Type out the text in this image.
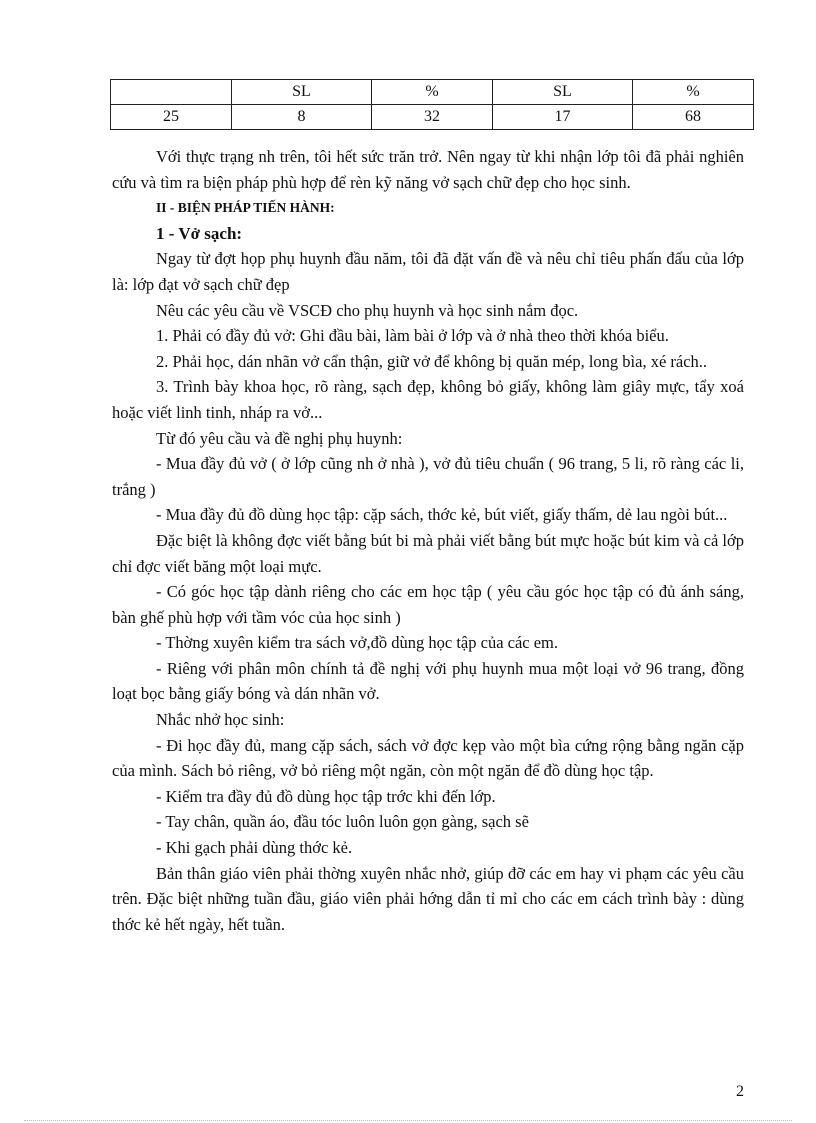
	SL	%	SL	%
25	8	32	17	68

Với thực trạng nh trên, tôi hết sức trăn trở. Nên ngay từ khi nhận lớp tôi đã phải nghiên cứu và tìm ra biện pháp phù hợp để rèn kỹ năng vở sạch chữ đẹp cho học sinh.

II - BIỆN PHÁP TIẾN HÀNH:

1 - Vở sạch:

Ngay từ đợt họp phụ huynh đầu năm, tôi đã đặt vấn đề và nêu chỉ tiêu phấn đấu của lớp là: lớp đạt vở sạch chữ đẹp

Nêu các yêu cầu về VSCĐ cho phụ huynh và học sinh nắm đọc.

1. Phải có đầy đủ vở: Ghi đầu bài, làm bài ở lớp và ở nhà theo thời khóa biểu.

2. Phải học, dán nhãn vở cẩn thận, giữ vở để không bị quăn mép, long bìa, xé rách..

3. Trình bày khoa học, rõ ràng, sạch đẹp, không bỏ giấy, không làm giây mực, tẩy xoá hoặc viết linh tinh, nháp ra vở...

Từ đó yêu cầu và đề nghị phụ huynh:

- Mua đầy đủ vở ( ở lớp cũng nh ở nhà ), vở đủ tiêu chuẩn ( 96 trang, 5 li, rõ ràng các li, trắng )

- Mua đầy đủ đồ dùng học tập: cặp sách, thớc kẻ, bút viết, giấy thấm, dẻ lau ngòi bút...

Đặc biệt là không đợc viết bằng bút bi mà phải viết bằng bút mực hoặc bút kim và cả lớp chỉ đợc viết băng một loại mực.

- Có góc học tập dành riêng cho các em học tập ( yêu cầu góc học tập có đủ ánh sáng, bàn ghế phù hợp với tầm vóc của học sinh )

- Thờng xuyên kiểm tra sách vở,đồ dùng học tập của các em.

- Riêng với phân môn chính tả đề nghị với phụ huynh mua một loại vở 96 trang, đồng loạt bọc bằng giấy bóng và dán nhãn vở.

Nhắc nhở học sinh:

- Đi học đầy đủ, mang cặp sách, sách vở đợc kẹp vào một bìa cứng rộng bằng ngăn cặp của mình. Sách bỏ riêng, vở bỏ riêng một ngăn, còn một ngăn để đồ dùng học tập.

- Kiểm tra đầy đủ đồ dùng học tập trớc khi đến lớp.

- Tay chân, quần áo, đầu tóc luôn luôn gọn gàng, sạch sẽ

- Khi gạch phải dùng thớc kẻ.

Bản thân giáo viên phải thờng xuyên nhắc nhở, giúp đỡ các em hay vi phạm các yêu cầu trên. Đặc biệt những tuần đầu, giáo viên phải hớng dẫn tỉ mỉ cho các em cách trình bày : dùng thớc kẻ hết ngày, hết tuần.

2
